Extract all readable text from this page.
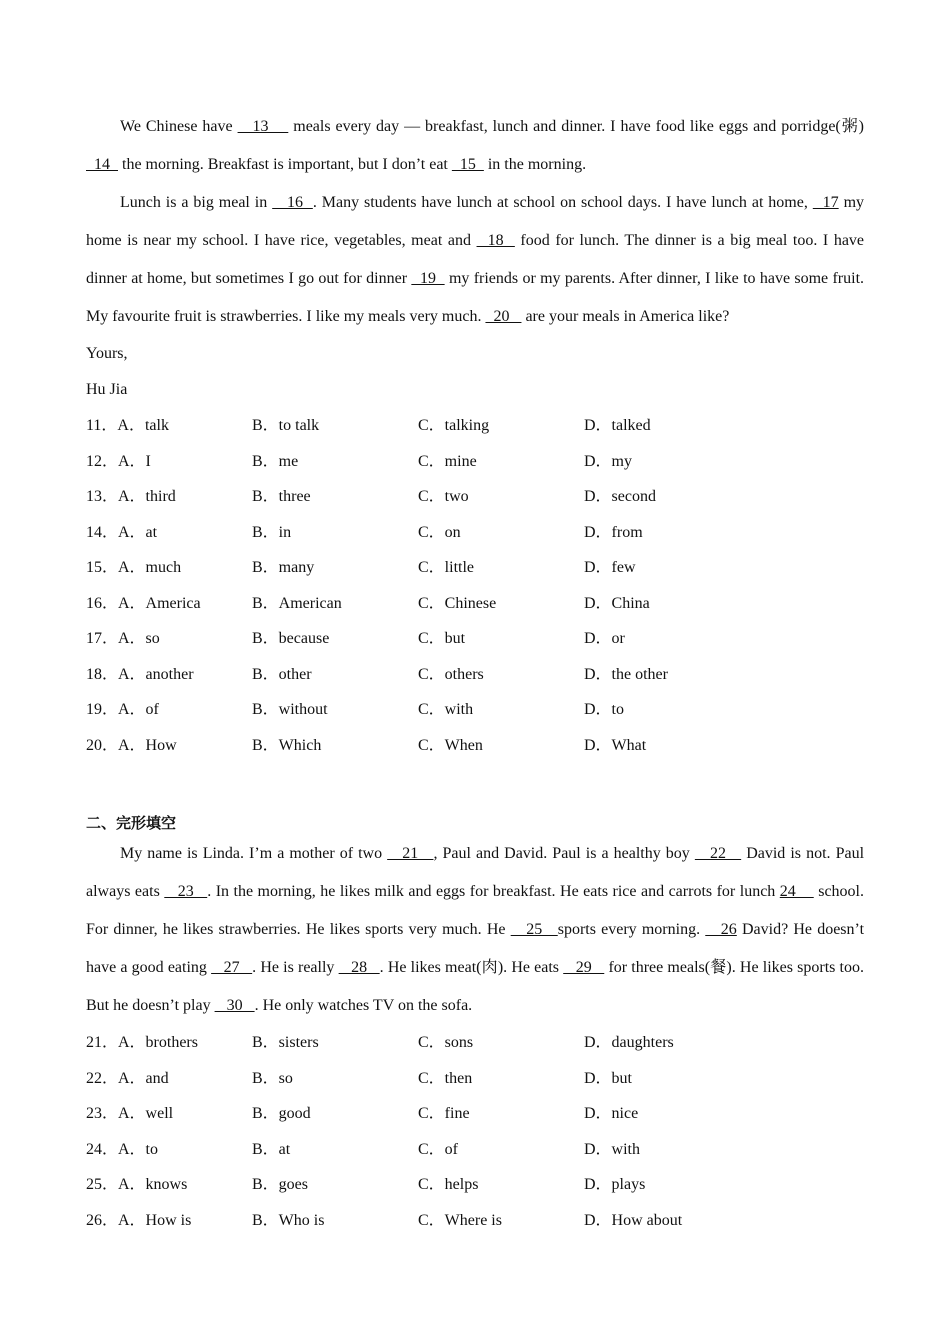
We Chinese have    13     meals every day — breakfast, lunch and dinner. I have food like eggs and porridge(粥)   14   the morning. Breakfast is important, but I don’t eat   15   in the morning.

Lunch is a big meal in    16  . Many students have lunch at school on school days. I have lunch at home,   17 my home is near my school. I have rice, vegetables, meat and   18   food for lunch. The dinner is a big meal too. I have dinner at home, but sometimes I go out for dinner   19   my friends or my parents. After dinner, I like to have some fruit. My favourite fruit is strawberries. I like my meals very much.   20    are your meals in America like?

Yours,

Hu Jia

11．A．talk	B．to talk	C．talking	D．talked
12．A．I	B．me	C．mine	D．my
13．A．third	B．three	C．two	D．second
14．A．at	B．in	C．on	D．from
15．A．much	B．many	C．little	D．few
16．A．America	B．American	C．Chinese	D．China
17．A．so	B．because	C．but	D．or
18．A．another	B．other	C．others	D．the other
19．A．of	B．without	C．with	D．to
20．A．How	B．Which	C．When	D．What

二、完形填空

My name is Linda. I’m a mother of two    21   , Paul and David. Paul is a healthy boy    22    David is not. Paul always eats    23   . In the morning, he likes milk and eggs for breakfast. He eats rice and carrots for lunch 24     school. For dinner, he likes strawberries. He likes sports very much. He    25   sports every morning.    26 David? He doesn’t have a good eating    27   . He is really    28   . He likes meat(肉). He eats    29    for three meals(餐). He likes sports too. But he doesn’t play    30   . He only watches TV on the sofa.

21．A．brothers	B．sisters	C．sons	D．daughters
22．A．and	B．so	C．then	D．but
23．A．well	B．good	C．fine	D．nice
24．A．to	B．at	C．of	D．with
25．A．knows	B．goes	C．helps	D．plays
26．A．How is	B．Who is	C．Where is	D．How about
